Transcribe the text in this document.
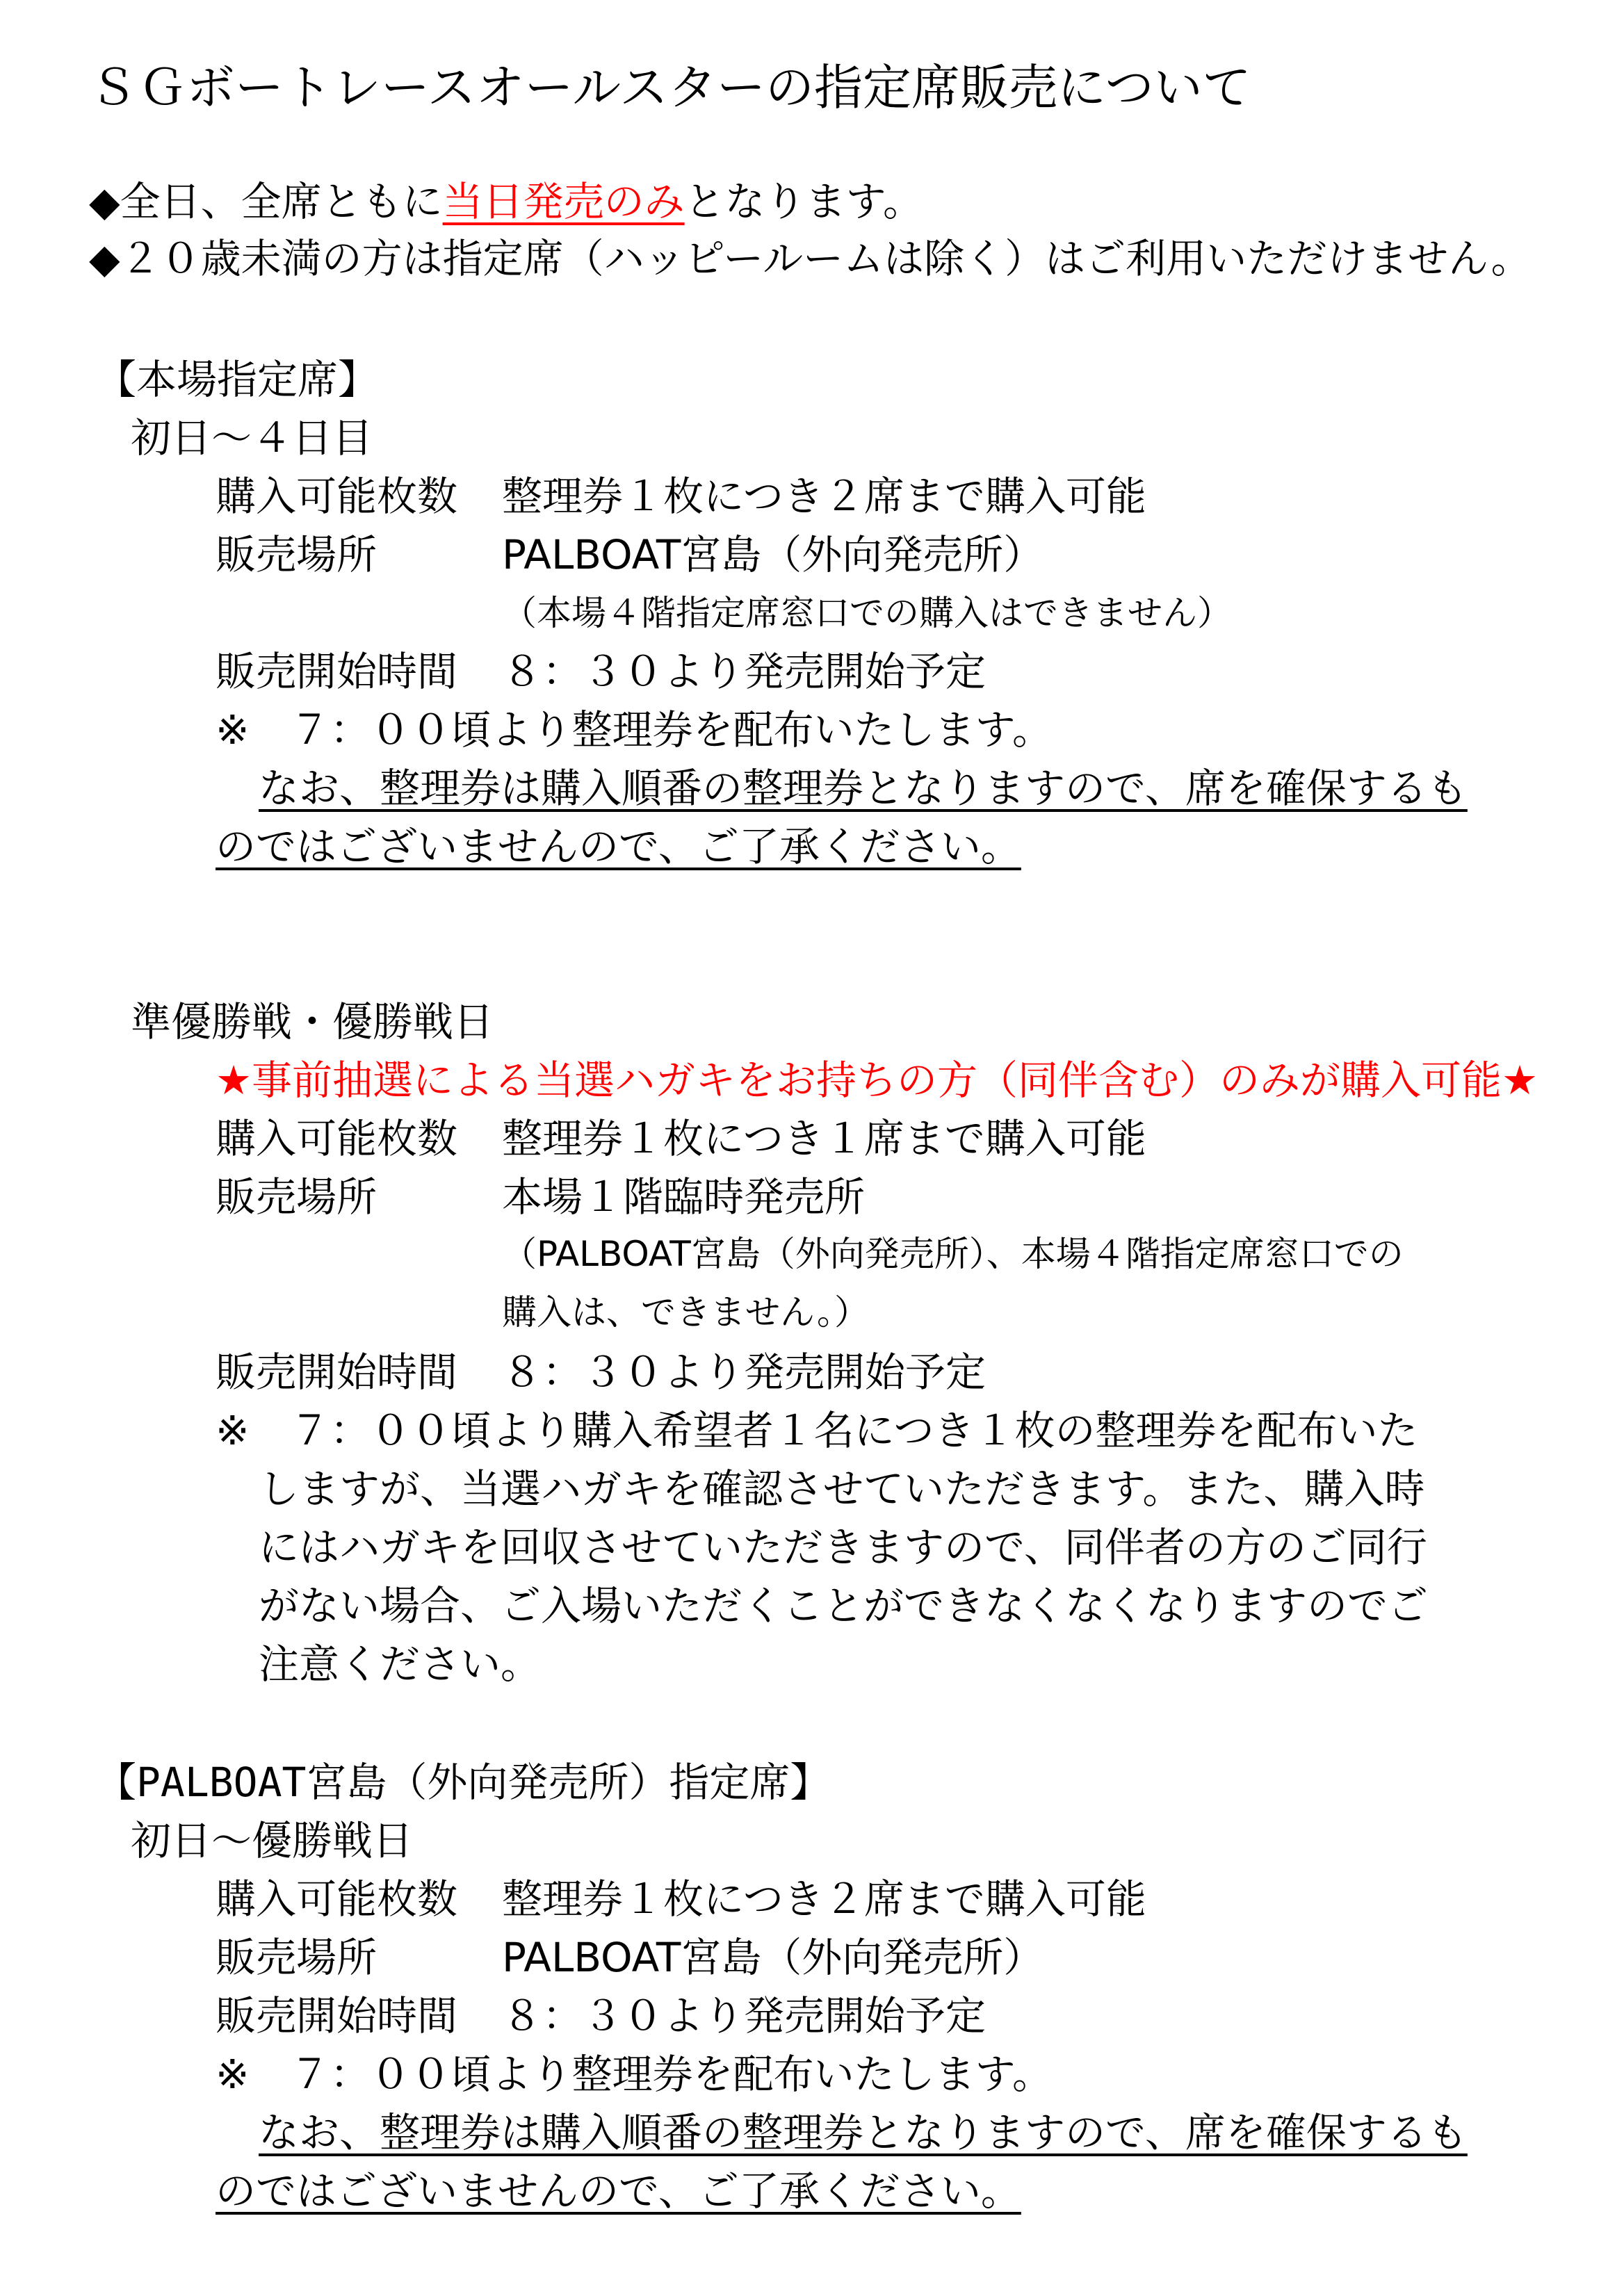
ＳＧボートレースオールスターの指定席販売について

◆全日、全席ともに当日発売のみとなります。

◆２０歳未満の方は指定席（ハッピールームは除く）はご利用いただけません。

【本場指定席】

初日～４日目

購入可能枚数 整理券１枚につき２席まで購入可能

販売場所	PALBOAT宮島（外向発売所）

（本場４階指定席窓口での購入はできません）

販売開始時間 ８：３０より発売開始予定

※　７：００頃より整理券を配布いたします。

なお、整理券は購入順番の整理券となりますので、席を確保するも

のではございませんので、ご了承ください。

準優勝戦・優勝戦日

★事前抽選による当選ハガキをお持ちの方（同伴含む）のみが購入可能★

購入可能枚数 整理券１枚につき１席まで購入可能

販売場所	本場１階臨時発売所

（PALBOAT宮島（外向発売所）、本場４階指定席窓口での

購入は、できません。）

販売開始時間 ８：３０より発売開始予定

※　７：００頃より購入希望者１名につき１枚の整理券を配布いた

しますが、当選ハガキを確認させていただきます。また、購入時

にはハガキを回収させていただきますので、同伴者の方のご同行

がない場合、ご入場いただくことができなくなくなりますのでご

注意ください。

【PALBOAT宮島（外向発売所）指定席】

初日～優勝戦日

購入可能枚数 整理券１枚につき２席まで購入可能

販売場所	PALBOAT宮島（外向発売所）

販売開始時間 ８：３０より発売開始予定

※　７：００頃より整理券を配布いたします。

なお、整理券は購入順番の整理券となりますので、席を確保するも

のではございませんので、ご了承ください。
